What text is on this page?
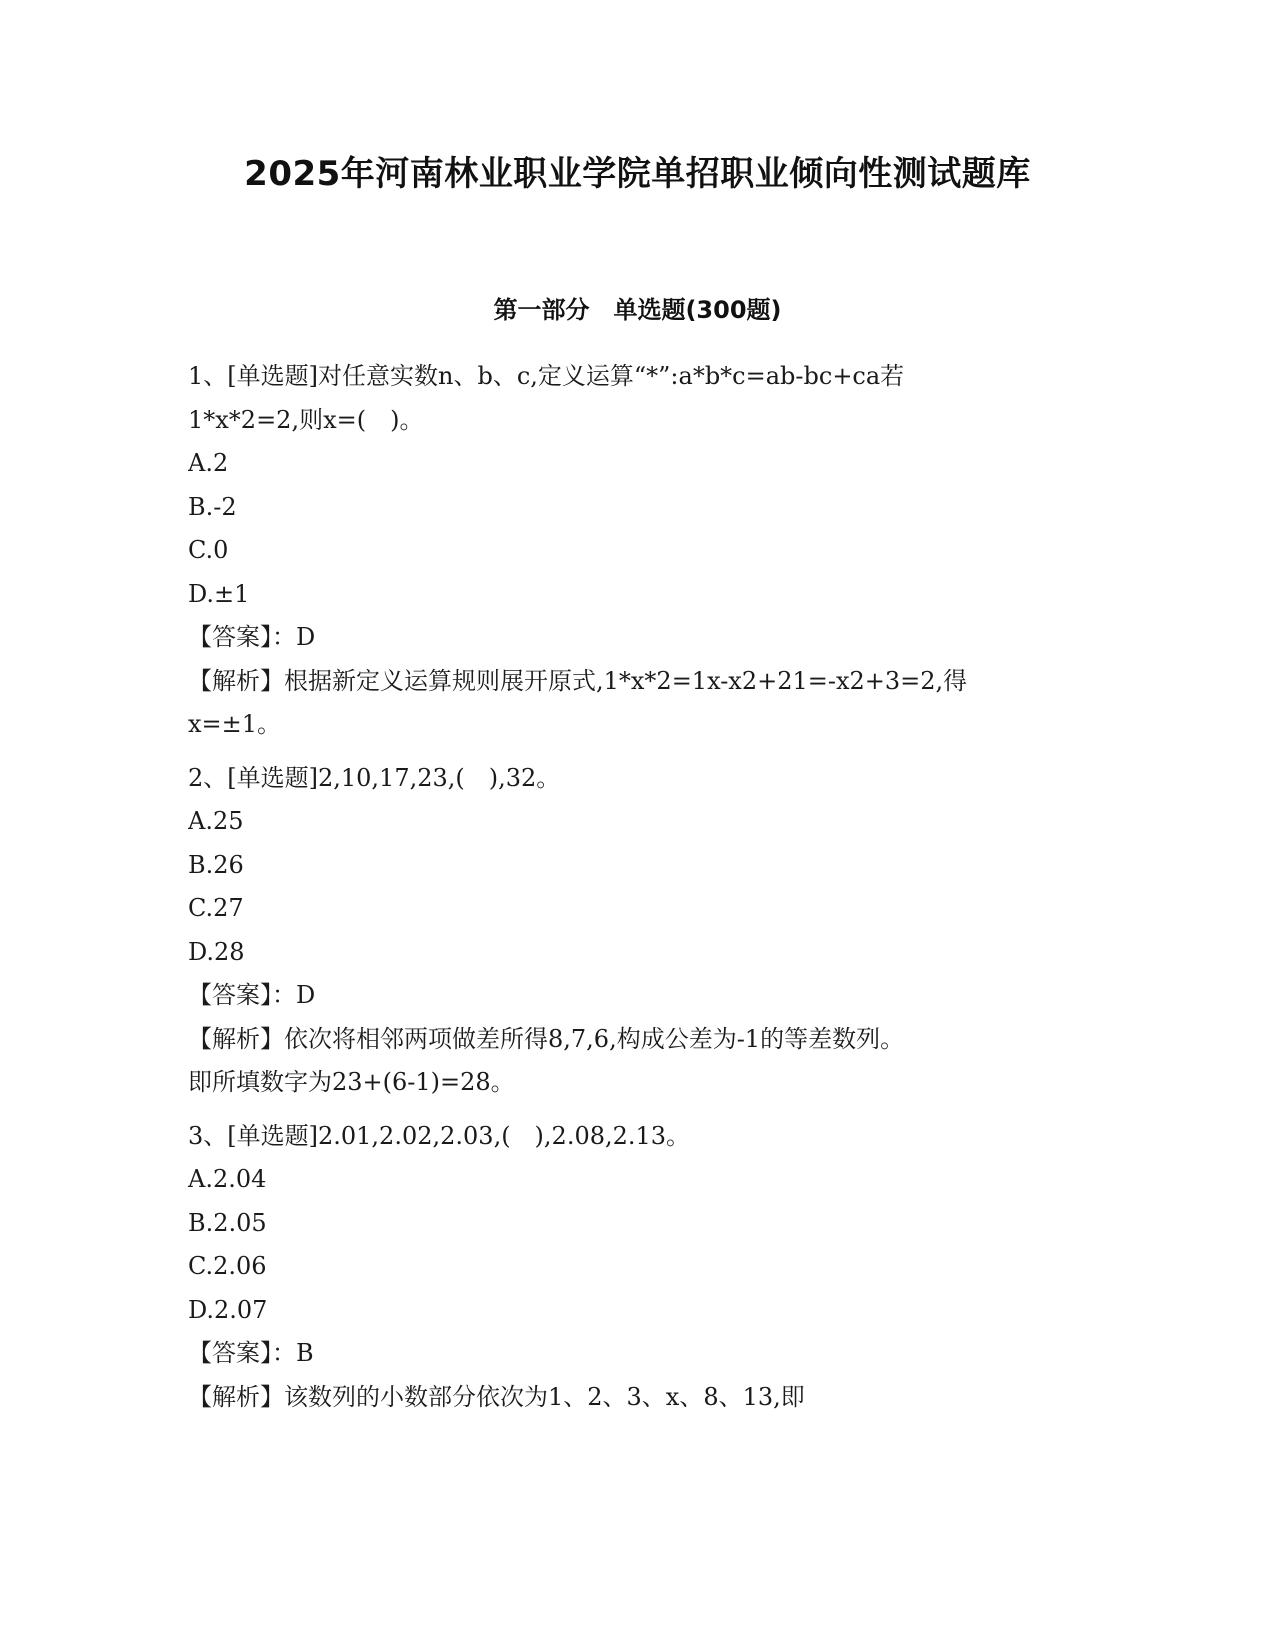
2025年河南林业职业学院单招职业倾向性测试题库
第一部分　单选题(300题)
1、[单选题]对任意实数n、b、c,定义运算“*”:a*b*c=ab-bc+ca若
1*x*2=2,则x=(　)。
A.2
B.-2
C.0
D.±1
【答案】：D
【解析】根据新定义运算规则展开原式,1*x*2=1x-x2+21=-x2+3=2,得
x=±1。
2、[单选题]2,10,17,23,(　),32。
A.25
B.26
C.27
D.28
【答案】：D
【解析】依次将相邻两项做差所得8,7,6,构成公差为-1的等差数列。
即所填数字为23+(6-1)=28。
3、[单选题]2.01,2.02,2.03,(　),2.08,2.13。
A.2.04
B.2.05
C.2.06
D.2.07
【答案】：B
【解析】该数列的小数部分依次为1、2、3、x、8、13,即
